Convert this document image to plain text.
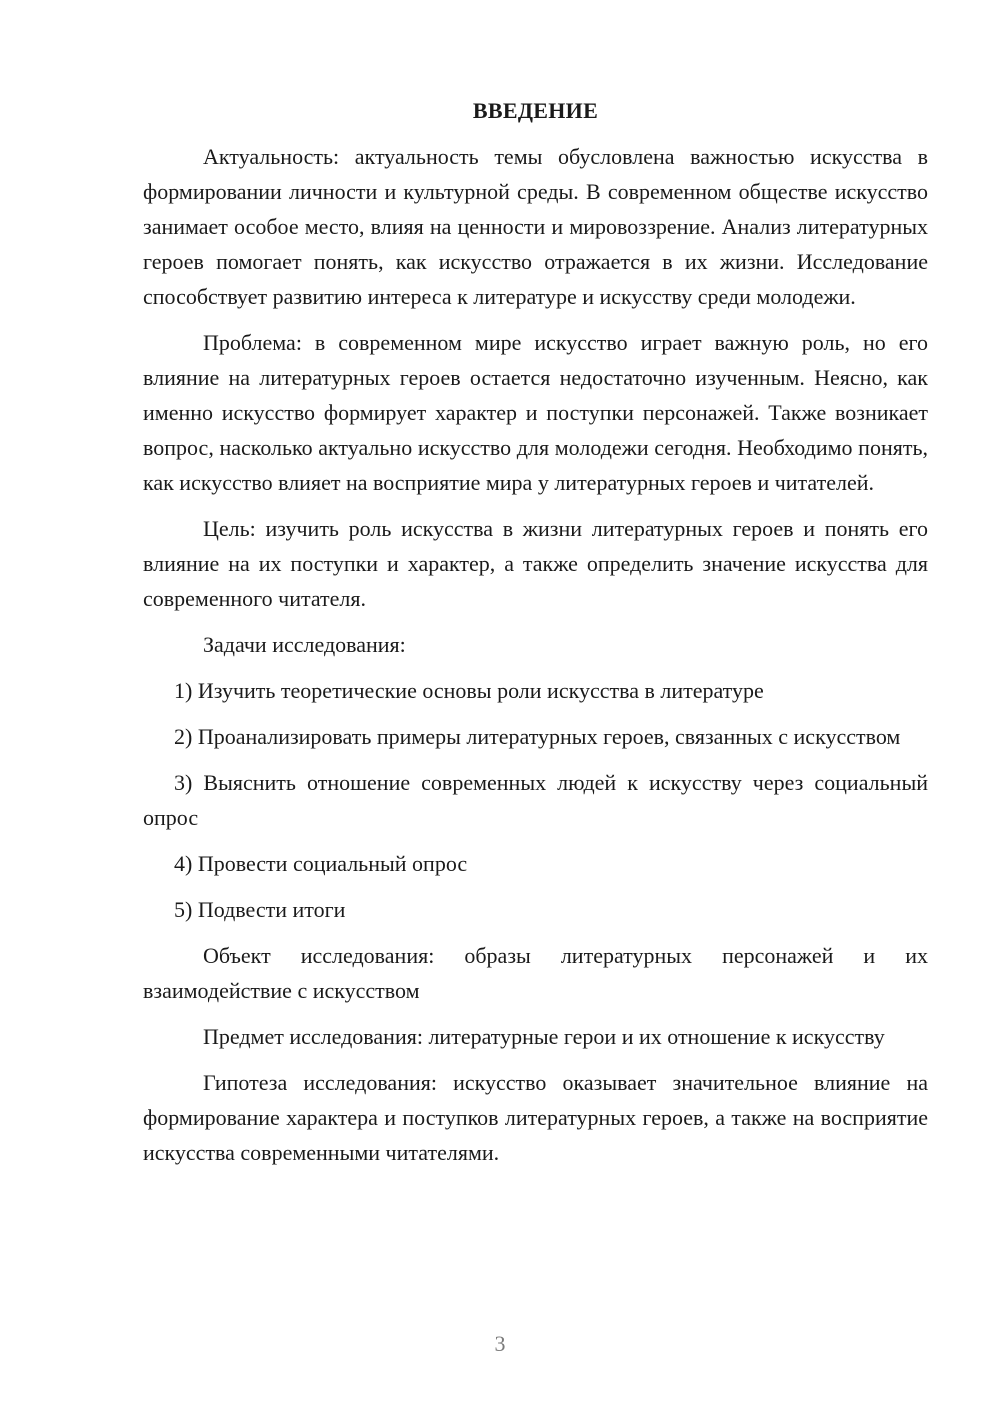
ВВЕДЕНИЕ

Актуальность: актуальность темы обусловлена важностью искусства в формировании личности и культурной среды. В современном обществе искусство занимает особое место, влияя на ценности и мировоззрение. Анализ литературных героев помогает понять, как искусство отражается в их жизни. Исследование способствует развитию интереса к литературе и искусству среди молодежи.

Проблема: в современном мире искусство играет важную роль, но его влияние на литературных героев остается недостаточно изученным. Неясно, как именно искусство формирует характер и поступки персонажей. Также возникает вопрос, насколько актуально искусство для молодежи сегодня. Необходимо понять, как искусство влияет на восприятие мира у литературных героев и читателей.

Цель: изучить роль искусства в жизни литературных героев и понять его влияние на их поступки и характер, а также определить значение искусства для современного читателя.

Задачи исследования:

1) Изучить теоретические основы роли искусства в литературе

2) Проанализировать примеры литературных героев, связанных с искусством

3) Выяснить отношение современных людей к искусству через социальный опрос

4) Провести социальный опрос

5) Подвести итоги

Объект исследования: образы литературных персонажей и их взаимодействие с искусством

Предмет исследования: литературные герои и их отношение к искусству

Гипотеза исследования: искусство оказывает значительное влияние на формирование характера и поступков литературных героев, а также на восприятие искусства современными читателями.

3
